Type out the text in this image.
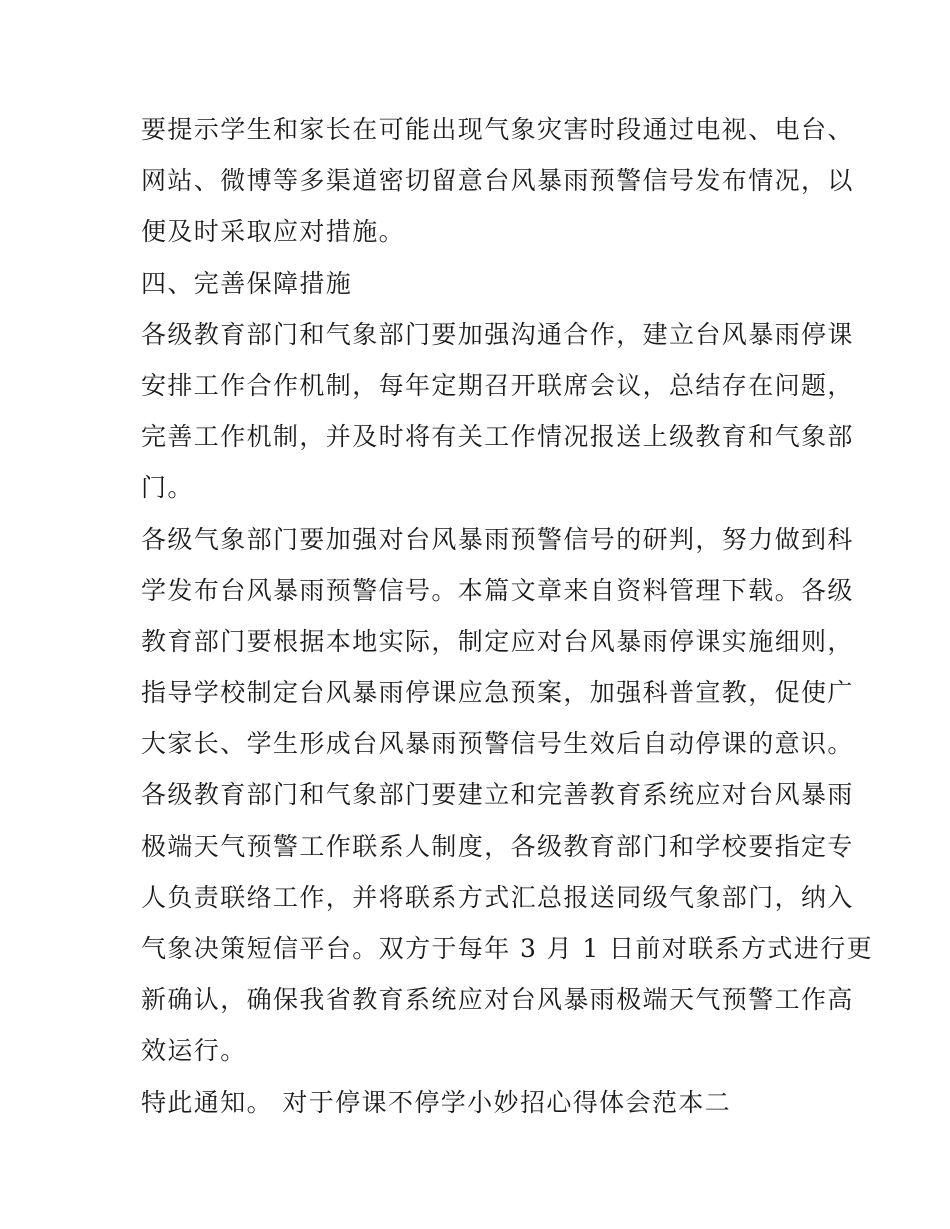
要提示学生和家长在可能出现气象灾害时段通过电视、电台、
网站、微博等多渠道密切留意台风暴雨预警信号发布情况，以
便及时采取应对措施。
四、完善保障措施
各级教育部门和气象部门要加强沟通合作，建立台风暴雨停课
安排工作合作机制，每年定期召开联席会议，总结存在问题，
完善工作机制，并及时将有关工作情况报送上级教育和气象部
门。
各级气象部门要加强对台风暴雨预警信号的研判，努力做到科
学发布台风暴雨预警信号。本篇文章来自资料管理下载。各级
教育部门要根据本地实际，制定应对台风暴雨停课实施细则，
指导学校制定台风暴雨停课应急预案，加强科普宣教，促使广
大家长、学生形成台风暴雨预警信号生效后自动停课的意识。
各级教育部门和气象部门要建立和完善教育系统应对台风暴雨
极端天气预警工作联系人制度，各级教育部门和学校要指定专
人负责联络工作，并将联系方式汇总报送同级气象部门，纳入
气象决策短信平台。双方于每年 3 月 1 日前对联系方式进行更
新确认，确保我省教育系统应对台风暴雨极端天气预警工作高
效运行。
特此通知。 对于停课不停学小妙招心得体会范本二
